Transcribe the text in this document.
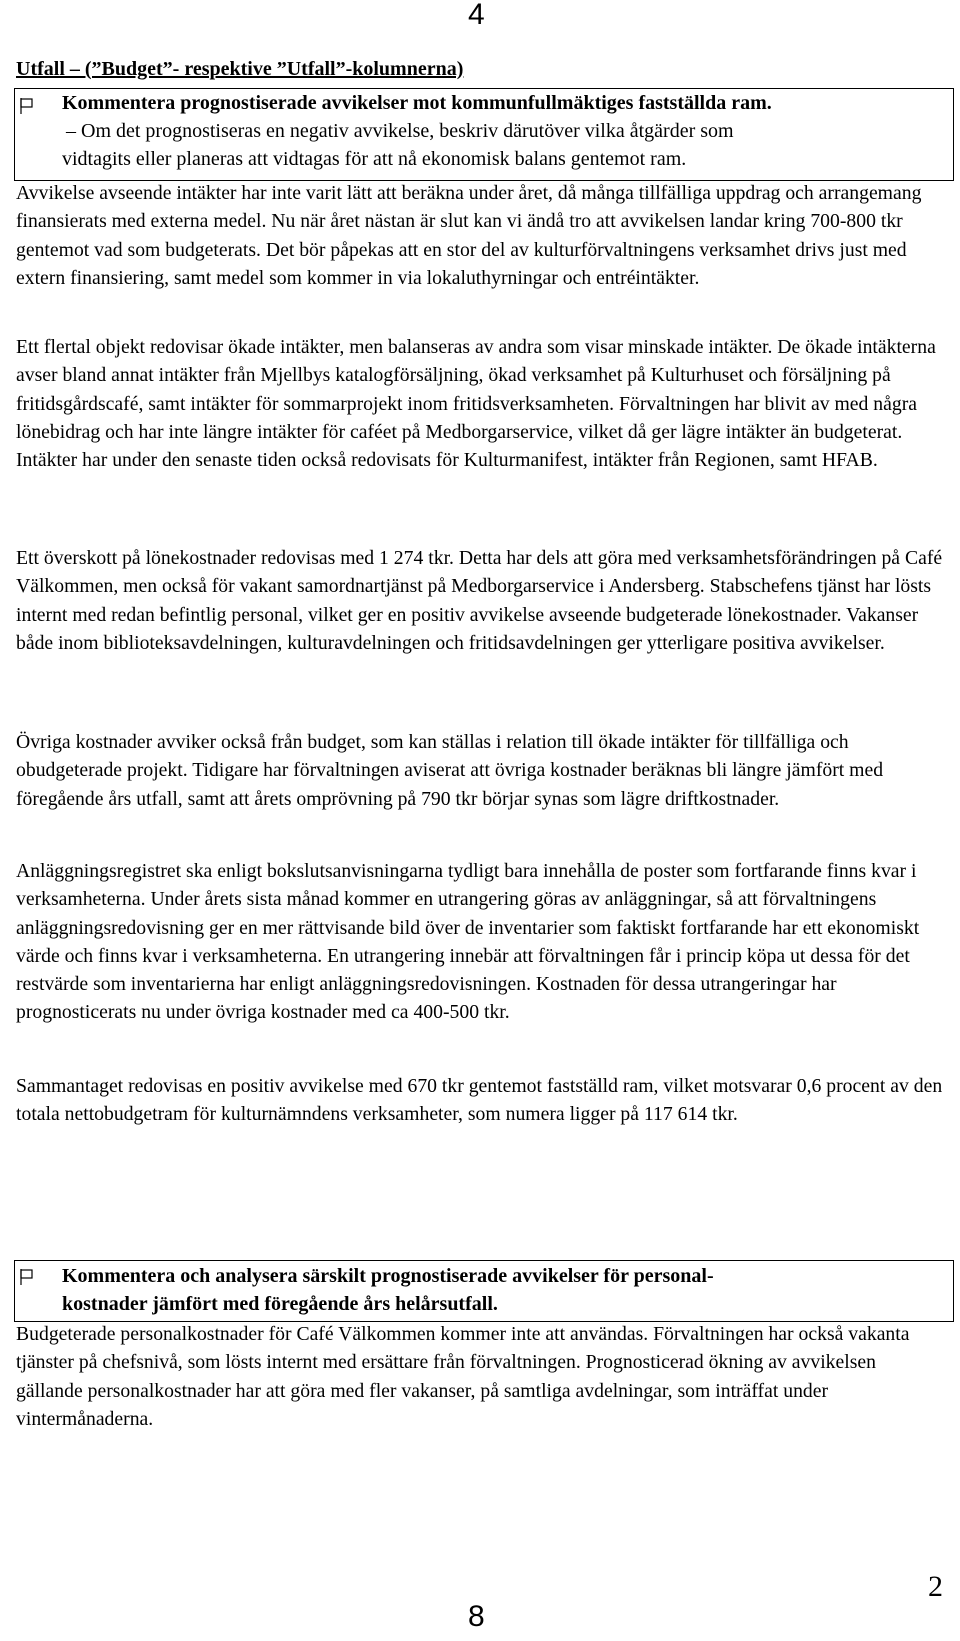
4
Utfall – (”Budget”- respektive ”Utfall”-kolumnerna)
Kommentera prognostiserade avvikelser mot kommunfullmäktiges fastställda ram.
– Om det prognostiseras en negativ avvikelse, beskriv därutöver vilka åtgärder som
vidtagits eller planeras att vidtagas för att nå ekonomisk balans gentemot ram.
Avvikelse avseende intäkter har inte varit lätt att beräkna under året, då många tillfälliga uppdrag och arrangemang finansierats med externa medel. Nu när året nästan är slut kan vi ändå tro att avvikelsen landar kring 700-800 tkr gentemot vad som budgeterats. Det bör påpekas att en stor del av kulturförvaltningens verksamhet drivs just med extern finansiering, samt medel som kommer in via lokaluthyrningar och entréintäkter.
Ett flertal objekt redovisar ökade intäkter, men balanseras av andra som visar minskade intäkter. De ökade intäkterna avser bland annat intäkter från Mjellbys katalogförsäljning, ökad verksamhet på Kulturhuset och försäljning på fritidsgårdscafé, samt intäkter för sommarprojekt inom fritidsverksamheten. Förvaltningen har blivit av med några lönebidrag och har inte längre intäkter för caféet på Medborgarservice, vilket då ger lägre intäkter än budgeterat. Intäkter har under den senaste tiden också redovisats för Kulturmanifest, intäkter från Regionen, samt HFAB.
Ett överskott på lönekostnader redovisas med 1 274 tkr. Detta har dels att göra med verksamhetsförändringen på Café Välkommen, men också för vakant samordnartjänst på Medborgarservice i Andersberg. Stabschefens tjänst har lösts internt med redan befintlig personal, vilket ger en positiv avvikelse avseende budgeterade lönekostnader. Vakanser både inom biblioteksavdelningen, kulturavdelningen och fritidsavdelningen ger ytterligare positiva avvikelser.
Övriga kostnader avviker också från budget, som kan ställas i relation till ökade intäkter för tillfälliga och obudgeterade projekt. Tidigare har förvaltningen aviserat att övriga kostnader beräknas bli längre jämfört med föregående års utfall, samt att årets omprövning på 790 tkr börjar synas som lägre driftkostnader.
Anläggningsregistret ska enligt bokslutsanvisningarna tydligt bara innehålla de poster som fortfarande finns kvar i verksamheterna. Under årets sista månad kommer en utrangering göras av anläggningar, så att förvaltningens anläggningsredovisning ger en mer rättvisande bild över de inventarier som faktiskt fortfarande har ett ekonomiskt värde och finns kvar i verksamheterna. En utrangering innebär att förvaltningen får i princip köpa ut dessa för det restvärde som inventarierna har enligt anläggningsredovisningen. Kostnaden för dessa utrangeringar har prognosticerats nu under övriga kostnader med ca 400-500 tkr.
Sammantaget redovisas en positiv avvikelse med 670 tkr gentemot fastställd ram, vilket motsvarar 0,6 procent av den totala nettobudgetram för kulturnämndens verksamheter, som numera ligger på 117 614 tkr.
Kommentera och analysera särskilt prognostiserade avvikelser för personal-
kostnader jämfört med föregående års helårsutfall.
Budgeterade personalkostnader för Café Välkommen kommer inte att användas. Förvaltningen har också vakanta tjänster på chefsnivå, som lösts internt med ersättare från förvaltningen. Prognosticerad ökning av avvikelsen gällande personalkostnader har att göra med fler vakanser, på samtliga avdelningar, som inträffat under vintermånaderna.
2
8
